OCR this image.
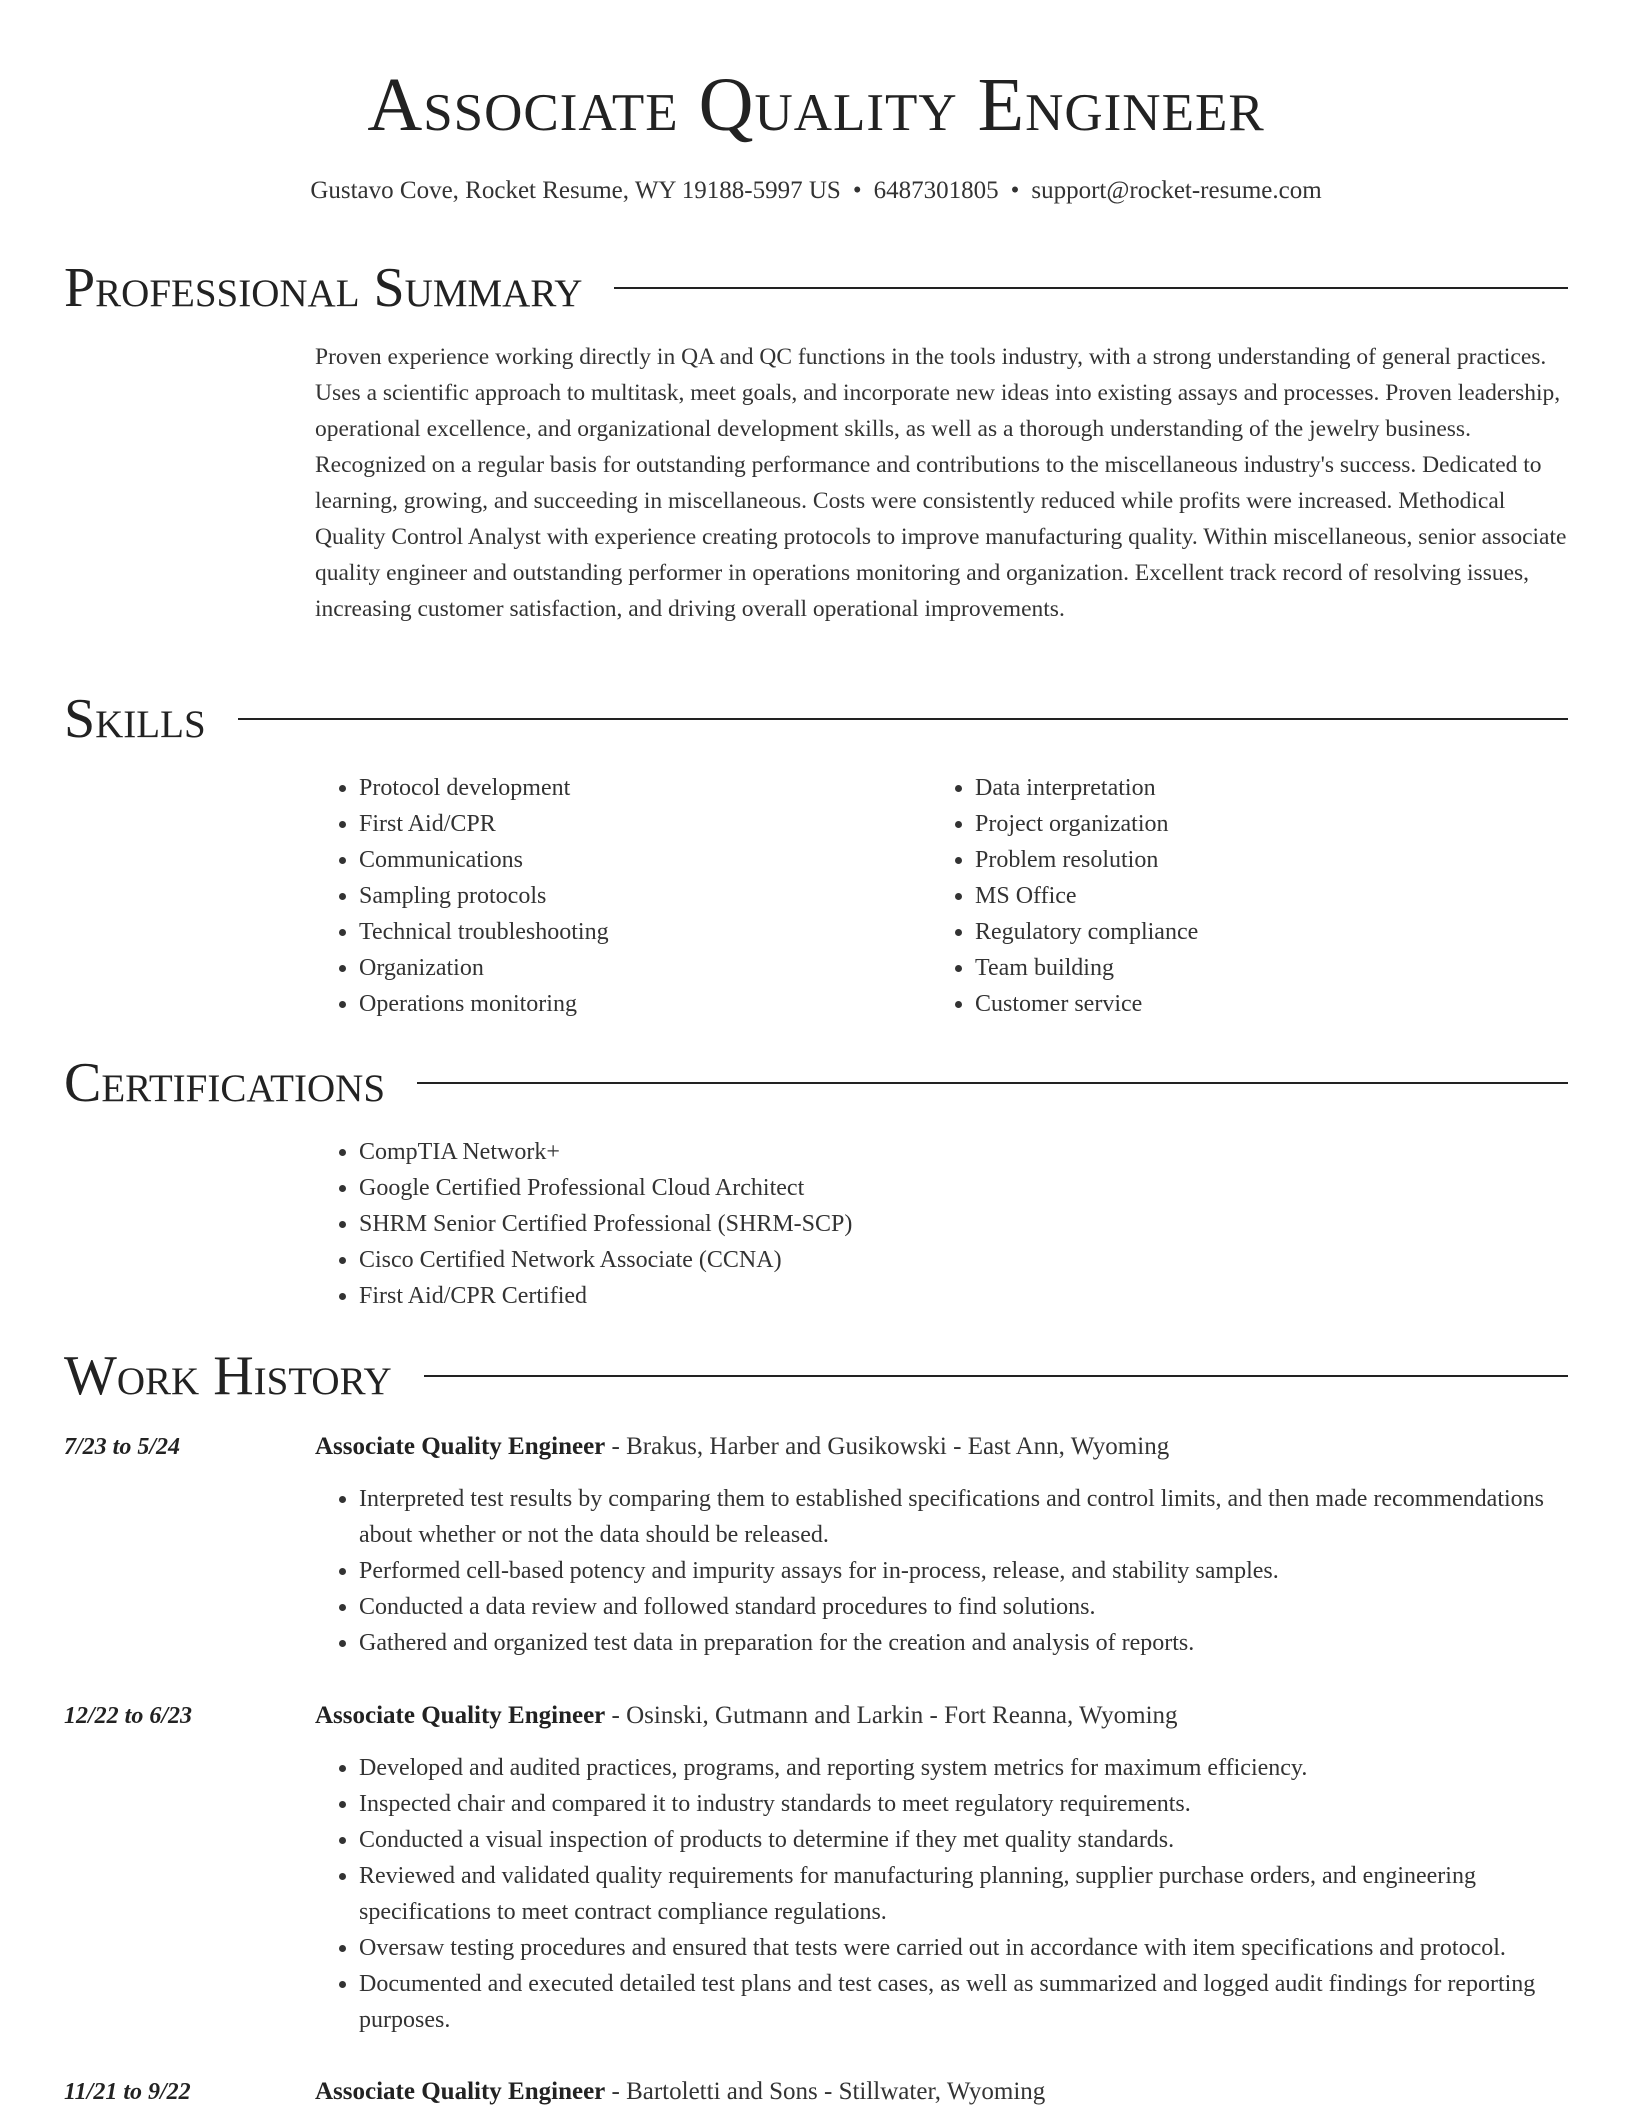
Associate Quality Engineer
Gustavo Cove, Rocket Resume, WY 19188-5997 US • 6487301805 • support@rocket-resume.com
Professional Summary

Proven experience working directly in QA and QC functions in the tools industry, with a strong understanding of general practices. Uses a scientific approach to multitask, meet goals, and incorporate new ideas into existing assays and processes. Proven leadership, operational excellence, and organizational development skills, as well as a thorough understanding of the jewelry business. Recognized on a regular basis for outstanding performance and contributions to the miscellaneous industry's success. Dedicated to learning, growing, and succeeding in miscellaneous. Costs were consistently reduced while profits were increased. Methodical Quality Control Analyst with experience creating protocols to improve manufacturing quality. Within miscellaneous, senior associate quality engineer and outstanding performer in operations monitoring and organization. Excellent track record of resolving issues, increasing customer satisfaction, and driving overall operational improvements.

Skills
• Protocol development
• First Aid/CPR
• Communications
• Sampling protocols
• Technical troubleshooting
• Organization
• Operations monitoring
• Data interpretation
• Project organization
• Problem resolution
• MS Office
• Regulatory compliance
• Team building
• Customer service
Certifications
• CompTIA Network+
• Google Certified Professional Cloud Architect
• SHRM Senior Certified Professional (SHRM-SCP)
• Cisco Certified Network Associate (CCNA)
• First Aid/CPR Certified
Work History
7/23 to 5/24	Associate Quality Engineer - Brakus, Harber and Gusikowski - East Ann, Wyoming
• Interpreted test results by comparing them to established specifications and control limits, and then made recommendations about whether or not the data should be released.
• Performed cell-based potency and impurity assays for in-process, release, and stability samples.
• Conducted a data review and followed standard procedures to find solutions.
• Gathered and organized test data in preparation for the creation and analysis of reports.
12/22 to 6/23	Associate Quality Engineer - Osinski, Gutmann and Larkin - Fort Reanna, Wyoming
• Developed and audited practices, programs, and reporting system metrics for maximum efficiency.
• Inspected chair and compared it to industry standards to meet regulatory requirements.
• Conducted a visual inspection of products to determine if they met quality standards.
• Reviewed and validated quality requirements for manufacturing planning, supplier purchase orders, and engineering specifications to meet contract compliance regulations.
• Oversaw testing procedures and ensured that tests were carried out in accordance with item specifications and protocol.
• Documented and executed detailed test plans and test cases, as well as summarized and logged audit findings for reporting purposes.
11/21 to 9/22	Associate Quality Engineer - Bartoletti and Sons - Stillwater, Wyoming
